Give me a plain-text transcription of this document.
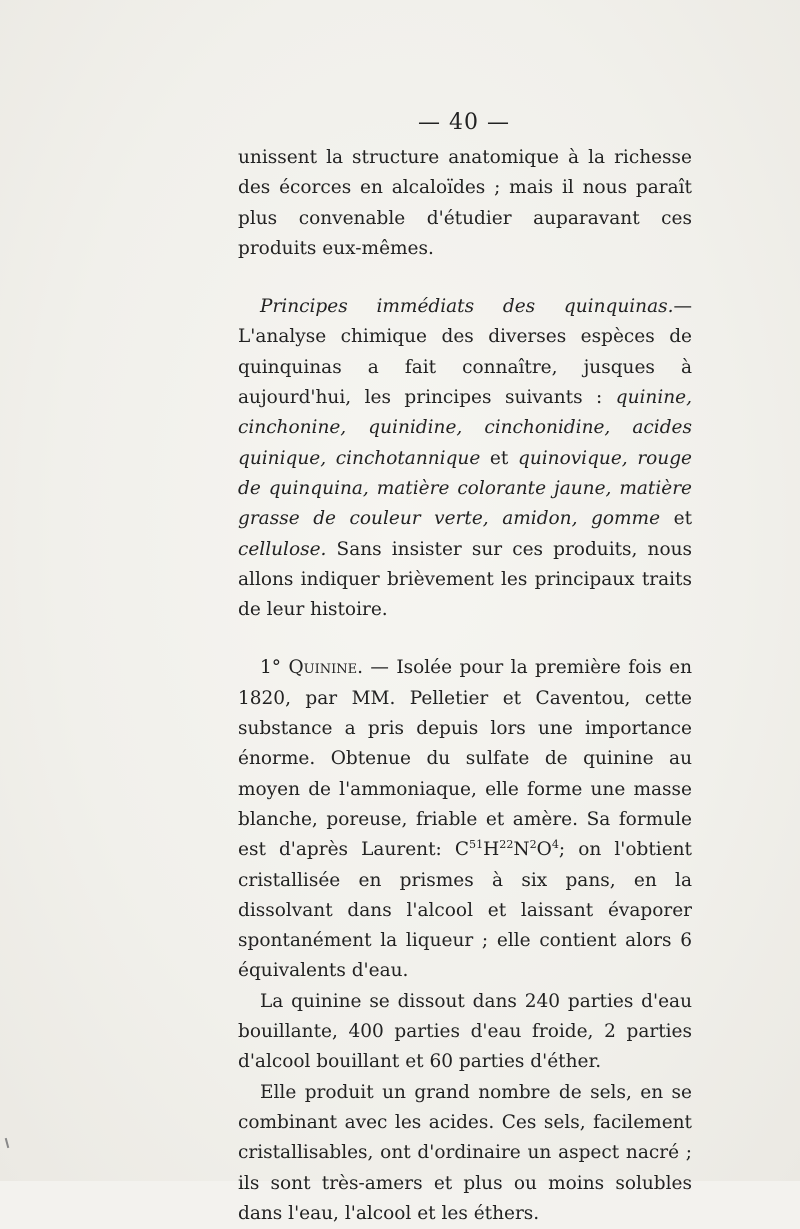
— 40 —

unissent la structure anatomique à la richesse des écorces en alcaloïdes ; mais il nous paraît plus convenable d'étudier auparavant ces produits eux-mêmes.

Principes immédiats des quinquinas.—L'analyse chimique des diverses espèces de quinquinas a fait connaître, jusques à aujourd'hui, les principes suivants : quinine, cinchonine, quinidine, cinchonidine, acides quinique, cinchotannique et quinovique, rouge de quinquina, matière colorante jaune, matière grasse de couleur verte, amidon, gomme et cellulose. Sans insister sur ces produits, nous allons indiquer brièvement les principaux traits de leur histoire.

1° Quinine. — Isolée pour la première fois en 1820, par MM. Pelletier et Caventou, cette substance a pris depuis lors une importance énorme. Obtenue du sulfate de quinine au moyen de l'ammoniaque, elle forme une masse blanche, poreuse, friable et amère. Sa formule est d'après Laurent: $C^{51}H^{22}N^2O^4$; on l'obtient cristallisée en prismes à six pans, en la dissolvant dans l'alcool et laissant évaporer spontanément la liqueur ; elle contient alors 6 équivalents d'eau.

La quinine se dissout dans 240 parties d'eau bouillante, 400 parties d'eau froide, 2 parties d'alcool bouillant et 60 parties d'éther.

Elle produit un grand nombre de sels, en se combinant avec les acides. Ces sels, facilement cristallisables, ont d'ordinaire un aspect nacré ; ils sont très-amers et plus ou moins solubles dans l'eau, l'alcool et les éthers.
